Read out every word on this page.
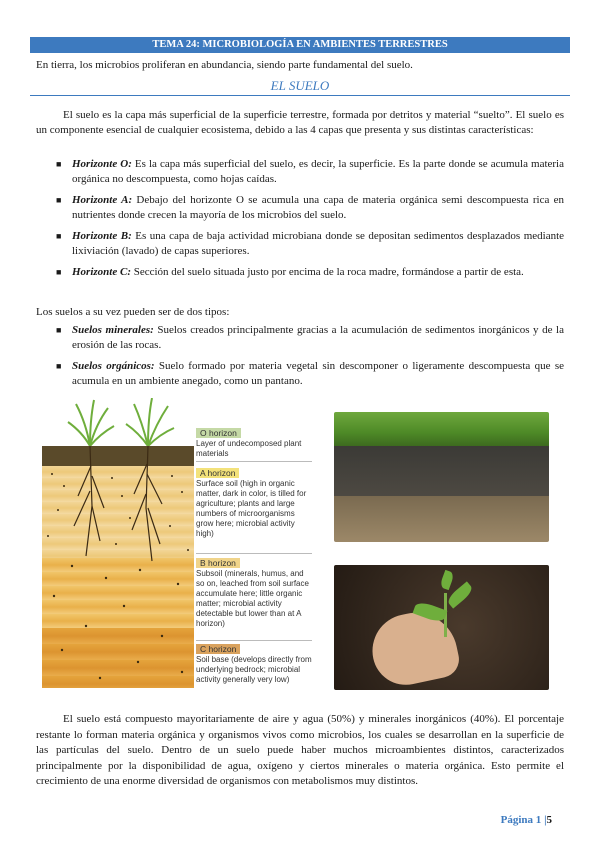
TEMA 24: MICROBIOLOGÍA EN AMBIENTES TERRESTRES
En tierra, los microbios proliferan en abundancia, siendo parte fundamental del suelo.
EL SUELO

El suelo es la capa más superficial de la superficie terrestre, formada por detritos y material “suelto”. El suelo es un componente esencial de cualquier ecosistema, debido a las 4 capas que presenta y sus distintas características:

■ Horizonte O: Es la capa más superficial del suelo, es decir, la superficie. Es la parte donde se acumula materia orgánica no descompuesta, como hojas caídas.
■ Horizonte A: Debajo del horizonte O se acumula una capa de materia orgánica semi descompuesta rica en nutrientes donde crecen la mayoría de los microbios del suelo.
■ Horizonte B: Es una capa de baja actividad microbiana donde se depositan sedimentos desplazados mediante lixiviación (lavado) de capas superiores.
■ Horizonte C: Sección del suelo situada justo por encima de la roca madre, formándose a partir de esta.

Los suelos a su vez pueden ser de dos tipos:

■ Suelos minerales: Suelos creados principalmente gracias a la acumulación de sedimentos inorgánicos y de la erosión de las rocas.
■ Suelos orgánicos: Suelo formado por materia vegetal sin descomponer o ligeramente descompuesta que se acumula en un ambiente anegado, como un pantano.
O horizon
Layer of undecomposed plant materials
A horizon
Surface soil (high in organic matter, dark in color, is tilled for agriculture; plants and large numbers of microorganisms grow here; microbial activity high)
B horizon
Subsoil (minerals, humus, and so on, leached from soil surface accumulate here; little organic matter; microbial activity detectable but lower than at A horizon)
C horizon
Soil base (develops directly from underlying bedrock; microbial activity generally very low)

El suelo está compuesto mayoritariamente de aire y agua (50%) y minerales inorgánicos (40%). El porcentaje restante lo forman materia orgánica y organismos vivos como microbios, los cuales se desarrollan en la superficie de las partículas del suelo. Dentro de un suelo puede haber muchos microambientes distintos, caracterizados principalmente por la disponibilidad de agua, oxígeno y ciertos minerales o materia orgánica. Esto permite el crecimiento de una enorme diversidad de organismos con metabolismos muy distintos.

Página 1 |5
